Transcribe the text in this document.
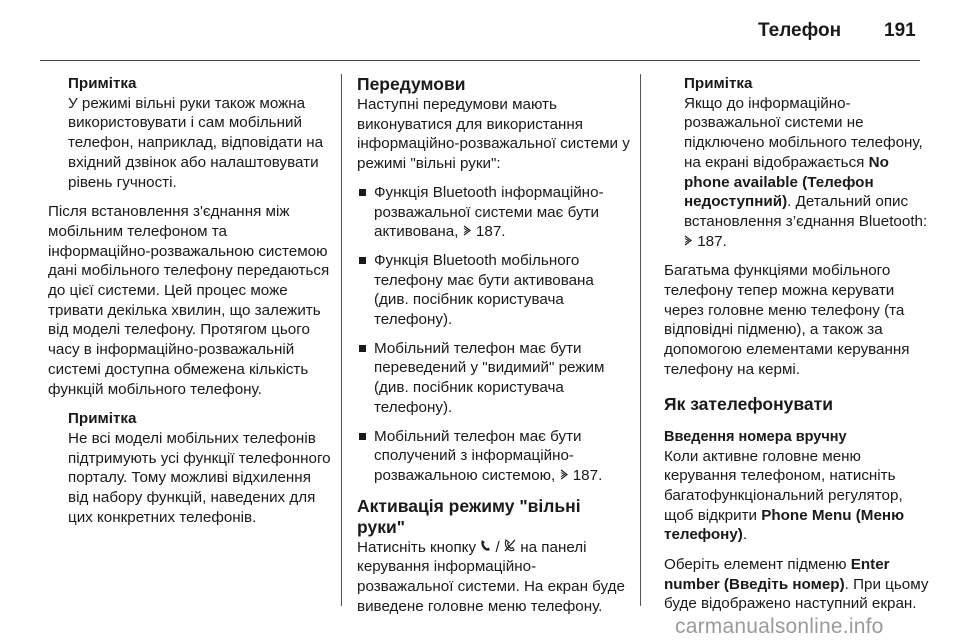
Телефон 191
Примітка
У режимі вільні руки також можна використовувати і сам мобільний телефон, наприклад, відповідати на вхідний дзвінок або налаштовувати рівень гучності.
Після встановлення з'єднання між мобільним телефоном та інформаційно-розважальною системою дані мобільного телефону передаються до цієї системи. Цей процес може тривати декілька хвилин, що залежить від моделі телефону. Протягом цього часу в інформаційно-розважальній системі доступна обмежена кількість функцій мобільного телефону.
Примітка
Не всі моделі мобільних телефонів підтримують усі функції телефонного порталу. Тому можливі відхилення від набору функцій, наведених для цих конкретних телефонів.
Передумови
Наступні передумови мають виконуватися для використання інформаційно-розважальної системи у режимі "вільні руки":
Функція Bluetooth інформаційно-розважальної системи має бути активована, 187.
Функція Bluetooth мобільного телефону має бути активована (див. посібник користувача телефону).
Мобільний телефон має бути переведений у "видимий" режим (див. посібник користувача телефону).
Мобільний телефон має бути сполучений з інформаційно-розважальною системою, 187.
Активація режиму "вільні руки"
Натисніть кнопку / на панелі керування інформаційно-розважальної системи. На екран буде виведене головне меню телефону.
Примітка
Якщо до інформаційно-розважальної системи не підключено мобільного телефону, на екрані відображається No phone available (Телефон недоступний). Детальний опис встановлення з’єднання Bluetooth:  187.
Багатьма функціями мобільного телефону тепер можна керувати через головне меню телефону (та відповідні підменю), а також за допомогою елементами керування телефону на кермі.
Як зателефонувати
Введення номера вручну
Коли активне головне меню керування телефоном, натисніть багатофункціональний регулятор, щоб відкрити Phone Menu (Меню телефону).
Оберіть елемент підменю Enter number (Введіть номер). При цьому буде відображено наступний екран.
carmanualsonline.info
